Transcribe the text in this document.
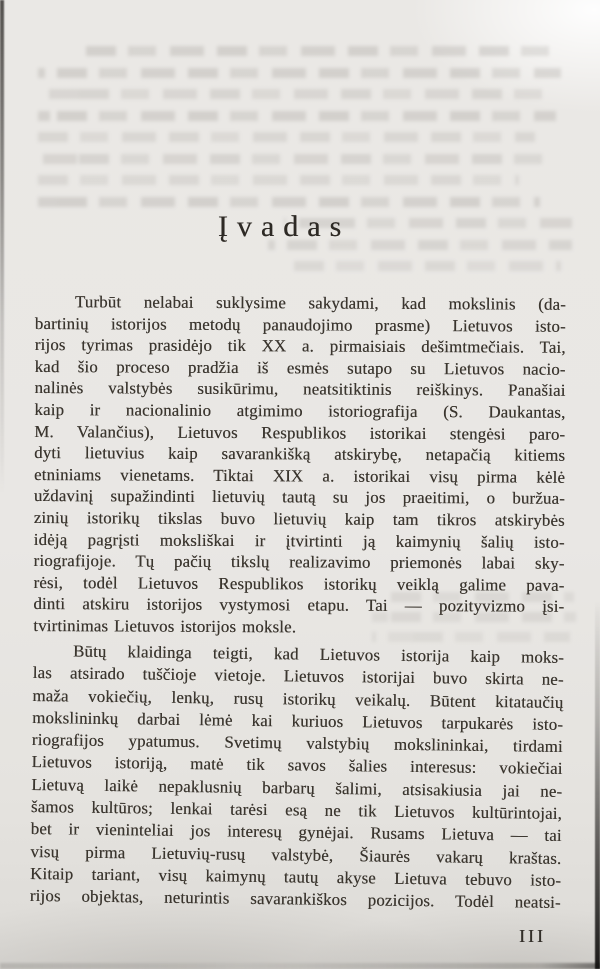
Įvadas
Turbūt nelabai suklysime sakydami, kad mokslinis (da-
bartinių istorijos metodų panaudojimo prasme) Lietuvos isto-
rijos tyrimas prasidėjo tik XX a. pirmaisiais dešimtmečiais. Tai,
kad šio proceso pradžia iš esmės sutapo su Lietuvos nacio-
nalinės valstybės susikūrimu, neatsitiktinis reiškinys. Panašiai
kaip ir nacionalinio atgimimo istoriografija (S. Daukantas,
M. Valančius), Lietuvos Respublikos istorikai stengėsi paro-
dyti lietuvius kaip savarankišką atskirybę, netapačią kitiems
etniniams vienetams. Tiktai XIX a. istorikai visų pirma kėlė
uždavinį supažindinti lietuvių tautą su jos praeitimi, o buržua-
zinių istorikų tikslas buvo lietuvių kaip tam tikros atskirybės
idėją pagrįsti moksliškai ir įtvirtinti ją kaimynių šalių isto-
riografijoje. Tų pačių tikslų realizavimo priemonės labai sky-
rėsi, todėl Lietuvos Respublikos istorikų veiklą galime pava-
dinti atskiru istorijos vystymosi etapu. Tai — pozityvizmo įsi-
tvirtinimas Lietuvos istorijos moksle.
Būtų klaidinga teigti, kad Lietuvos istorija kaip moks-
las atsirado tuščioje vietoje. Lietuvos istorijai buvo skirta ne-
maža vokiečių, lenkų, rusų istorikų veikalų. Būtent kitataučių
mokslininkų darbai lėmė kai kuriuos Lietuvos tarpukarės isto-
riografijos ypatumus. Svetimų valstybių mokslininkai, tirdami
Lietuvos istoriją, matė tik savos šalies interesus: vokiečiai
Lietuvą laikė nepaklusnių barbarų šalimi, atsisakiusia jai ne-
šamos kultūros; lenkai tarėsi esą ne tik Lietuvos kultūrintojai,
bet ir vieninteliai jos interesų gynėjai. Rusams Lietuva — tai
visų pirma Lietuvių-rusų valstybė, Šiaurės vakarų kraštas.
Kitaip tariant, visų kaimynų tautų akyse Lietuva tebuvo isto-
rijos objektas, neturintis savarankiškos pozicijos. Todėl neatsi-
III
